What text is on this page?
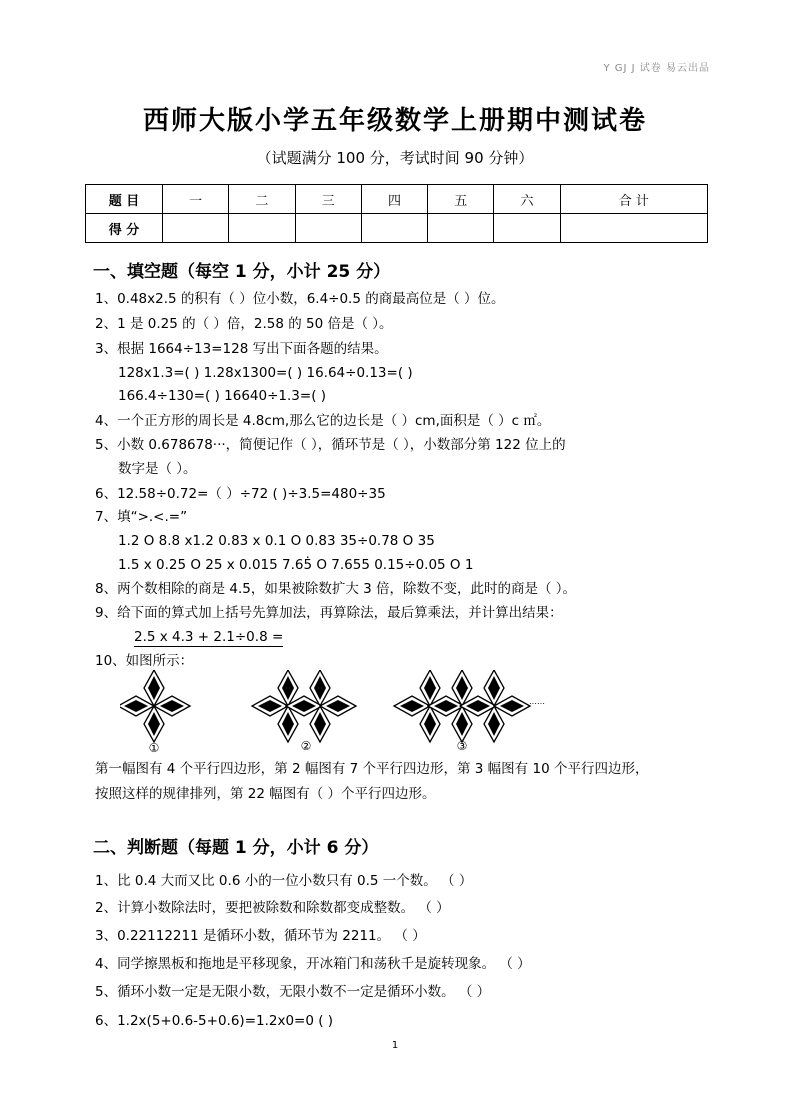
Y GJ J 试卷 易云出品
西师大版小学五年级数学上册期中测试卷
（试题满分 100 分，考试时间 90 分钟）
题 目	一	二	三	四	五	六	合 计
得 分							
一、填空题（每空 1 分，小计 25 分）
1、0.48x2.5 的积有（ ）位小数，6.4÷0.5 的商最高位是（ ）位。
2、1 是 0.25 的（ ）倍，2.58 的 50 倍是（ ）。
3、根据 1664÷13=128 写出下面各题的结果。
128x1.3=( ) 1.28x1300=( ) 16.64÷0.13=( )
166.4÷130=( ) 16640÷1.3=( )
4、一个正方形的周长是 4.8cm,那么它的边长是（ ）cm,面积是（ ）c ㎡。
5、小数 0.678678···，简便记作（ ），循环节是（ ），小数部分第 122 位上的
数字是（ ）。
6、12.58÷0.72=（ ）÷72 ( )÷3.5=480÷35
7、填“>.<.=”
1.2 O 8.8 x1.2 0.83 x 0.1 O 0.83 35÷0.78 O 35
1.5 x 0.25 O 25 x 0.015 7.65̇ O 7.655 0.15÷0.05 O 1
8、两个数相除的商是 4.5，如果被除数扩大 3 倍，除数不变，此时的商是（ ）。
9、给下面的算式加上括号先算加法，再算除法，最后算乘法，并计算出结果：
2.5 x 4.3 + 2.1÷0.8 =
10、如图所示：
……
①	②	③
第一幅图有 4 个平行四边形，第 2 幅图有 7 个平行四边形，第 3 幅图有 10 个平行四边形，
按照这样的规律排列，第 22 幅图有（ ）个平行四边形。
二、判断题（每题 1 分，小计 6 分）
1、比 0.4 大而又比 0.6 小的一位小数只有 0.5 一个数。 （ ）
2、计算小数除法时，要把被除数和除数都变成整数。 （ ）
3、0.22112211 是循环小数，循环节为 2211。 （ ）
4、同学擦黑板和拖地是平移现象，开冰箱门和荡秋千是旋转现象。 （ ）
5、循环小数一定是无限小数，无限小数不一定是循环小数。 （ ）
6、1.2x(5+0.6-5+0.6)=1.2x0=0 ( )
1
